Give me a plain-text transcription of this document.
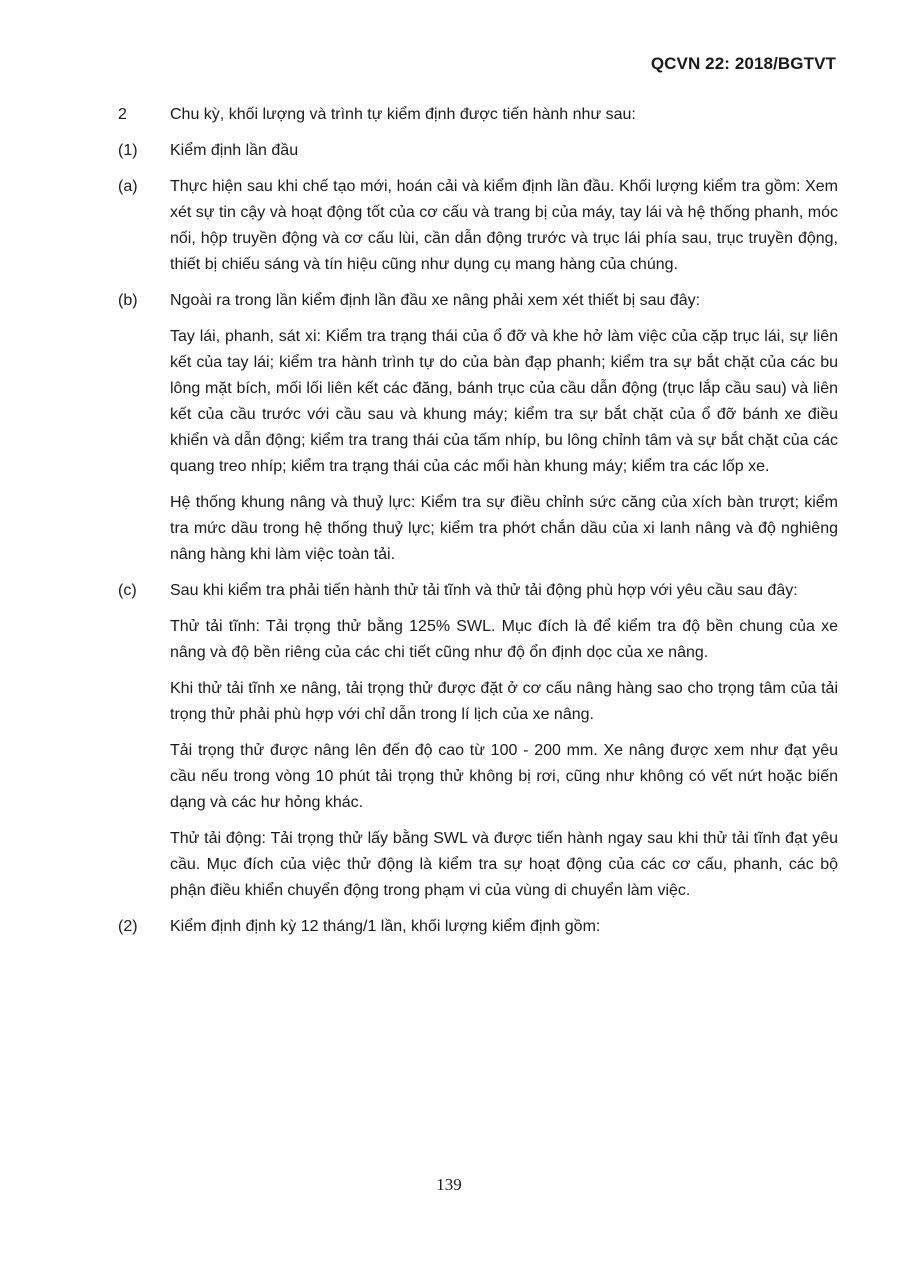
QCVN 22: 2018/BGTVT
2	Chu kỳ, khối lượng và trình tự kiểm định được tiến hành như sau:
(1)	Kiểm định lần đầu
(a)	Thực hiện sau khi chế tạo mới, hoán cải và kiểm định lần đầu. Khối lượng kiểm tra gồm: Xem xét sự tin cậy và hoạt động tốt của cơ cấu và trang bị của máy, tay lái và hệ thống phanh, móc nối, hộp truyền động và cơ cấu lùi, cần dẫn động trước và trục lái phía sau, trục truyền động, thiết bị chiếu sáng và tín hiệu cũng như dụng cụ mang hàng của chúng.
(b)	Ngoài ra trong lần kiểm định lần đầu xe nâng phải xem xét thiết bị sau đây:
Tay lái, phanh, sát xi: Kiểm tra trạng thái của ổ đỡ và khe hở làm việc của cặp trục lái, sự liên kết của tay lái; kiểm tra hành trình tự do của bàn đạp phanh; kiểm tra sự bắt chặt của các bu lông mặt bích, mối lối liên kết các đăng, bánh trục của cầu dẫn động (trục lắp cầu sau) và liên kết của cầu trước với cầu sau và khung máy; kiểm tra sự bắt chặt của ổ đỡ bánh xe điều khiển và dẫn động; kiểm tra trang thái của tấm nhíp, bu lông chỉnh tâm và sự bắt chặt của các quang treo nhíp; kiểm tra trạng thái của các mối hàn khung máy; kiểm tra các lốp xe.
Hệ thống khung nâng và thuỷ lực: Kiểm tra sự điều chỉnh sức căng của xích bàn trượt; kiểm tra mức dầu trong hệ thống thuỷ lực; kiểm tra phớt chắn dầu của xi lanh nâng và độ nghiêng nâng hàng khi làm việc toàn tải.
(c)	Sau khi kiểm tra phải tiến hành thử tải tĩnh và thử tải động phù hợp với yêu cầu sau đây:
Thử tải tĩnh: Tải trọng thử bằng 125% SWL. Mục đích là để kiểm tra độ bền chung của xe nâng và độ bền riêng của các chi tiết cũng như độ ổn định dọc của xe nâng.
Khi thử tải tĩnh xe nâng, tải trọng thử được đặt ở cơ cấu nâng hàng sao cho trọng tâm của tải trọng thử phải phù hợp với chỉ dẫn trong lí lịch của xe nâng.
Tải trọng thử được nâng lên đến độ cao từ 100 - 200 mm. Xe nâng được xem như đạt yêu cầu nếu trong vòng 10 phút tải trọng thử không bị rơi, cũng như không có vết nứt hoặc biến dạng và các hư hỏng khác.
Thử tải động: Tải trọng thử lấy bằng SWL và được tiến hành ngay sau khi thử tải tĩnh đạt yêu cầu. Mục đích của việc thử động là kiểm tra sự hoạt động của các cơ cấu, phanh, các bộ phận điều khiển chuyển động trong phạm vi của vùng di chuyển làm việc.
(2)	Kiểm định định kỳ 12 tháng/1 lần, khối lượng kiểm định gồm:
139
